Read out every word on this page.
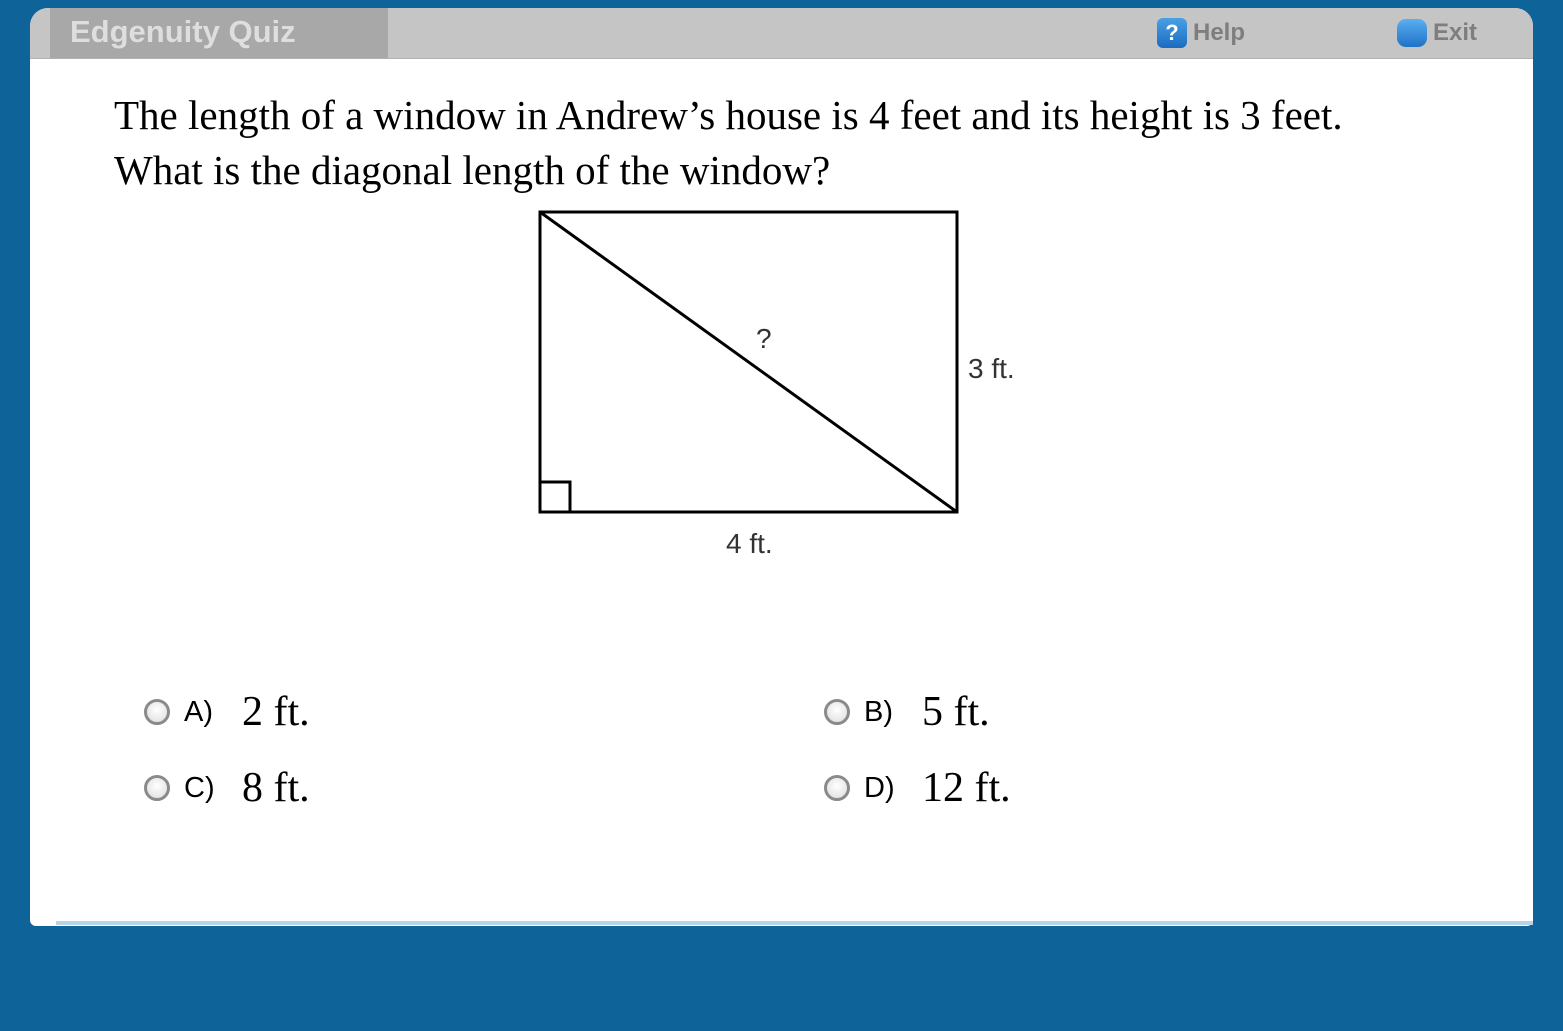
Edgenuity Quiz	? Help	Exit
The length of a window in Andrew’s house is 4 feet and its height is 3 feet.
What is the diagonal length of the window?
?
3 ft.
4 ft.
A) 2 ft.	B) 5 ft.
C) 8 ft.	D) 12 ft.
